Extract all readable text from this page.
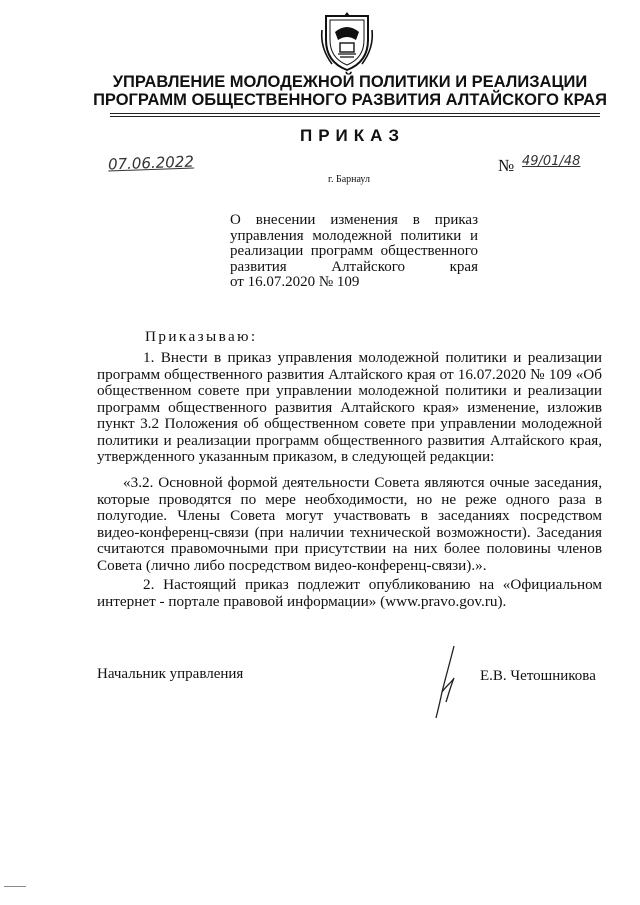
УПРАВЛЕНИЕ МОЛОДЕЖНОЙ ПОЛИТИКИ И РЕАЛИЗАЦИИ
ПРОГРАММ ОБЩЕСТВЕННОГО РАЗВИТИЯ АЛТАЙСКОГО КРАЯ
ПРИКАЗ
07.06.2022	№ 49/01/48
г. Барнаул
О внесении изменения в приказ
управления молодежной политики и
реализации программ общественного
развития Алтайского края
от 16.07.2020 № 109

Приказываю:

1. Внести в приказ управления молодежной политики и реализации программ общественного развития Алтайского края от 16.07.2020 № 109 «Об общественном совете при управлении молодежной политики и реализации программ общественного развития Алтайского края» изменение, изложив пункт 3.2 Положения об общественном совете при управлении молодежной политики и реализации программ общественного развития Алтайского края, утвержденного указанным приказом, в следующей редакции:

«3.2. Основной формой деятельности Совета являются очные заседания, которые проводятся по мере необходимости, но не реже одного раза в полугодие. Члены Совета могут участвовать в заседаниях посредством видео-конференц-связи (при наличии технической возможности). Заседания считаются правомочными при присутствии на них более половины членов Совета (лично либо посредством видео-конференц-связи).».

2. Настоящий приказ подлежит опубликованию на «Официальном интернет - портале правовой информации» (www.pravo.gov.ru).

Начальник управления	Е.В. Четошникова
